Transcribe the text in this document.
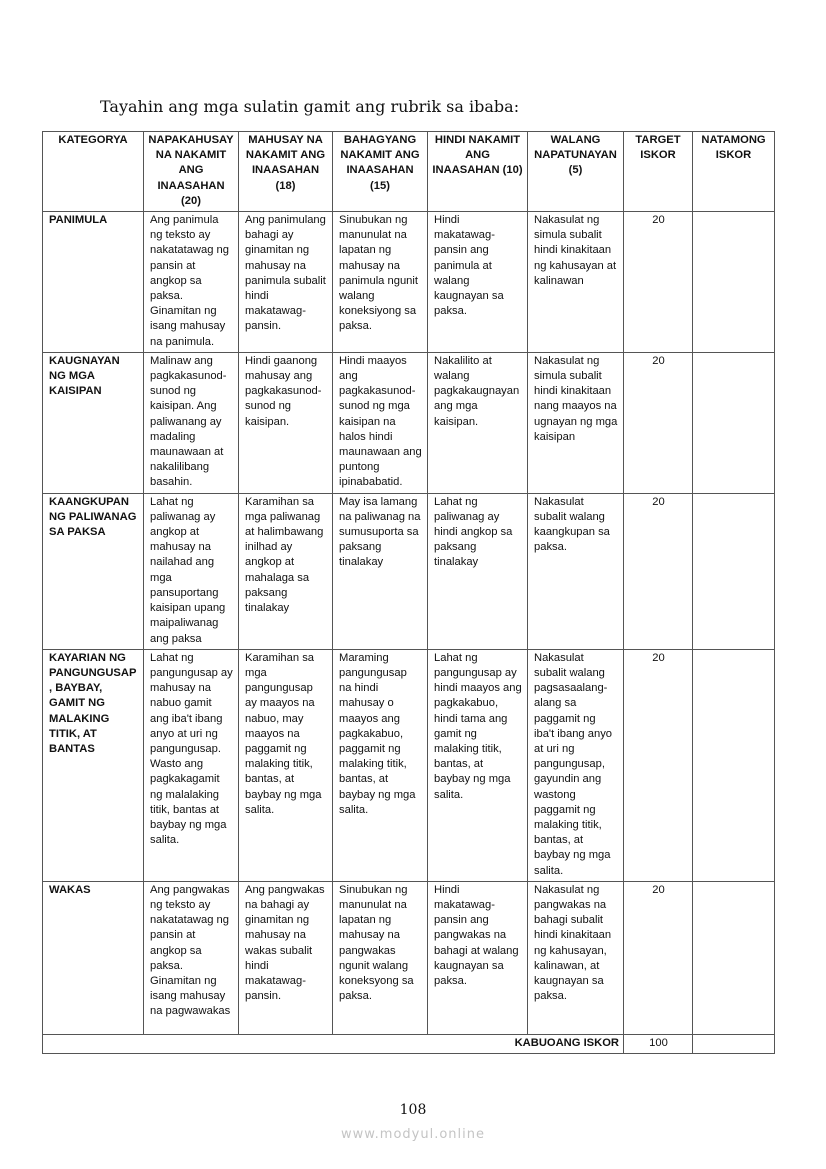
Tayahin ang mga sulatin gamit ang rubrik sa ibaba:
KATEGORYA	NAPAKAHUSAY NA NAKAMIT ANG INAASAHAN (20)	MAHUSAY NA NAKAMIT ANG INAASAHAN (18)	BAHAGYANG NAKAMIT ANG INAASAHAN (15)	HINDI NAKAMIT ANG INAASAHAN (10)	WALANG NAPATUNAYAN (5)	TARGET ISKOR	NATAMONG ISKOR
PANIMULA	Ang panimula ng teksto ay nakatatawag ng pansin at angkop sa paksa. Ginamitan ng isang mahusay na panimula.	Ang panimulang bahagi ay ginamitan ng mahusay na panimula subalit hindi makatawag-pansin.	Sinubukan ng manunulat na lapatan ng mahusay na panimula ngunit walang koneksiyong sa paksa.	Hindi makatawag-pansin ang panimula at walang kaugnayan sa paksa.	Nakasulat ng simula subalit hindi kinakitaan ng kahusayan at kalinawan	20	
KAUGNAYAN NG MGA KAISIPAN	Malinaw ang pagkakasunod-sunod ng kaisipan. Ang paliwanang ay madaling maunawaan at nakalilibang basahin.	Hindi gaanong mahusay ang pagkakasunod-sunod ng kaisipan.	Hindi maayos ang pagkakasunod-sunod ng mga kaisipan na halos hindi maunawaan ang puntong ipinababatid.	Nakalilito at walang pagkakaugnayan ang mga kaisipan.	Nakasulat ng simula subalit hindi kinakitaan nang maayos na ugnayan ng mga kaisipan	20	
KAANGKUPAN NG PALIWANAG SA PAKSA	Lahat ng paliwanag ay angkop at mahusay na nailahad ang mga pansuportang kaisipan upang maipaliwanag ang paksa	Karamihan sa mga paliwanag at halimbawang inilhad ay angkop at mahalaga sa paksang tinalakay	May isa lamang na paliwanag na sumusuporta sa paksang tinalakay	Lahat ng paliwanag ay hindi angkop sa paksang tinalakay	Nakasulat subalit walang kaangkupan sa paksa.	20	
KAYARIAN NG PANGUNGUSAP, BAYBAY, GAMIT NG MALAKING TITIK, AT BANTAS	Lahat ng pangungusap ay mahusay na nabuo gamit ang iba't ibang anyo at uri ng pangungusap. Wasto ang pagkakagamit ng malalaking titik, bantas at baybay ng mga salita.	Karamihan sa mga pangungusap ay maayos na nabuo, may maayos na paggamit ng malaking titik, bantas, at baybay ng mga salita.	Maraming pangungusap na hindi mahusay o maayos ang pagkakabuo, paggamit ng malaking titik, bantas, at baybay ng mga salita.	Lahat ng pangungusap ay hindi maayos ang pagkakabuo, hindi tama ang gamit ng malaking titik, bantas, at baybay ng mga salita.	Nakasulat subalit walang pagsasaalang-alang sa paggamit ng iba't ibang anyo at uri ng pangungusap, gayundin ang wastong paggamit ng malaking titik, bantas, at baybay ng mga salita.	20	
WAKAS	Ang pangwakas ng teksto ay nakatatawag ng pansin at angkop sa paksa. Ginamitan ng isang mahusay na pagwawakas	Ang pangwakas na bahagi ay ginamitan ng mahusay na wakas subalit hindi makatawag-pansin.	Sinubukan ng manunulat na lapatan ng mahusay na pangwakas ngunit walang koneksyong sa paksa.	Hindi makatawag-pansin ang pangwakas na bahagi at walang kaugnayan sa paksa.	Nakasulat ng pangwakas na bahagi subalit hindi kinakitaan ng kahusayan, kalinawan, at kaugnayan sa paksa.	20	
KABUOANG ISKOR						100	
108
www.modyul.online
